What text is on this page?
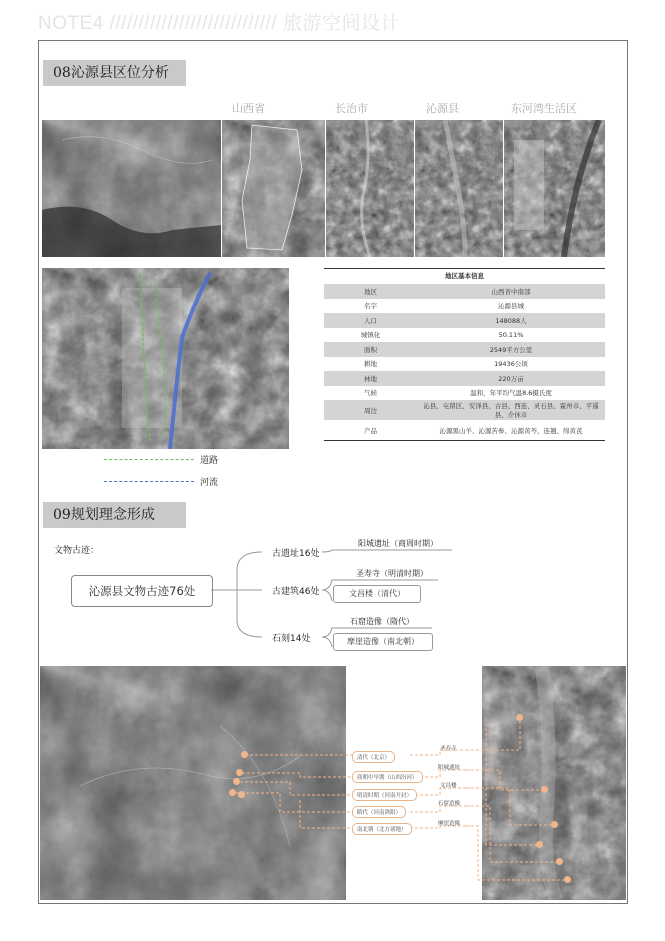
NOTE4 ///////////////////////////// 旅游空间设计
08沁源县区位分析
山西省	长治市	沁源县	东河湾生活区
道路
河流
地区基本信息
地区	山西省中南部
名字	沁源县城
人口	148088人
城镇化	50.11%
面积	2549平方公里
耕地	19436公顷
林地	220万亩
气候	温和，年平均气温8.6摄氏度
周边	沁县、屯留区、安泽县、古县、西连、灵石县、霍州市、平遥县、介休市
产品	沁源黑山羊、沁源苦参、沁源黄芩、连翘、绵黄芪
09规划理念形成
文物古迹：
沁源县文物古迹76处
古遗址16处
阳城遗址（商周时期）
古建筑46处
圣寿寺（明清时期）
文昌楼（清代）
石刻14处
石窟造像（隋代）
摩崖造像（南北朝）
清代（北京）
商朝中早期（山西汾河）
明清时期（河南开封）
隋代（河南洛阳）
南北朝（北方诸地）
圣寿寺
阳城遗址
文昌楼
石窟造像
摩崖造像
